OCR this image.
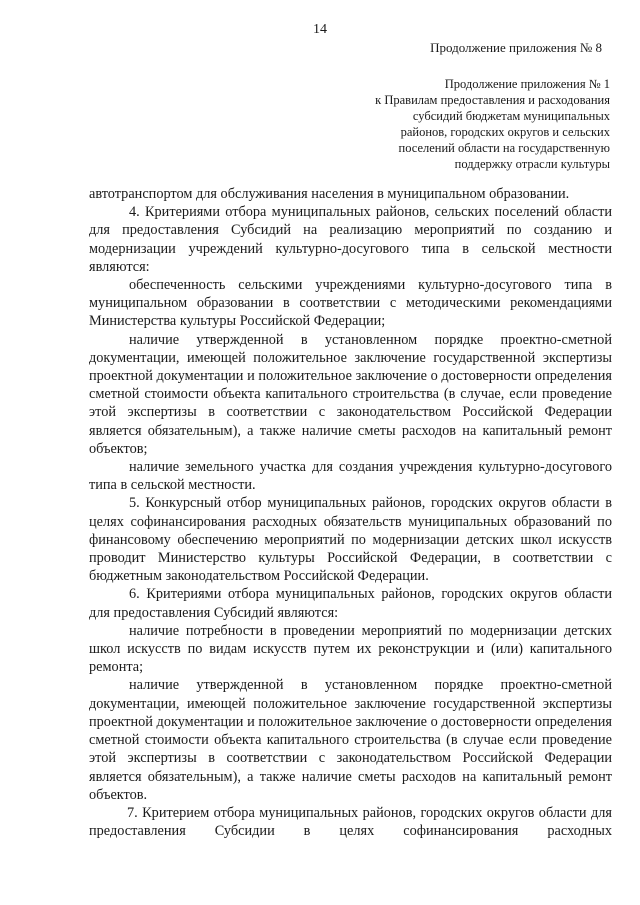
14
Продолжение приложения № 8
Продолжение приложения № 1
к Правилам предоставления и расходования
субсидий бюджетам муниципальных
районов, городских округов и сельских
поселений области на государственную
поддержку отрасли культуры

автотранспортом для обслуживания населения в муниципальном образовании.

4. Критериями отбора муниципальных районов, сельских поселений области для предоставления Субсидий на реализацию мероприятий по созданию и модернизации учреждений культурно-досугового типа в сельской местности являются:

обеспеченность сельскими учреждениями культурно-досугового типа в муниципальном образовании в соответствии с методическими рекомендациями Министерства культуры Российской Федерации;

наличие утвержденной в установленном порядке проектно-сметной документации, имеющей положительное заключение государственной экспертизы проектной документации и положительное заключение о достоверности определения сметной стоимости объекта капитального строительства (в случае, если проведение этой экспертизы в соответствии с законодательством Российской Федерации является обязательным), а также наличие сметы расходов на капитальный ремонт объектов;

наличие земельного участка для создания учреждения культурно-досугового типа в сельской местности.

5. Конкурсный отбор муниципальных районов, городских округов области в целях софинансирования расходных обязательств муниципальных образований по финансовому обеспечению мероприятий по модернизации детских школ искусств проводит Министерство культуры Российской Федерации, в соответствии с бюджетным законодательством Российской Федерации.

6. Критериями отбора муниципальных районов, городских округов области для предоставления Субсидий являются:

наличие потребности в проведении мероприятий по модернизации детских школ искусств по видам искусств путем их реконструкции и (или) капитального ремонта;

наличие утвержденной в установленном порядке проектно-сметной документации, имеющей положительное заключение государственной экспертизы проектной документации и положительное заключение о достоверности определения сметной стоимости объекта капитального строительства (в случае если проведение этой экспертизы в соответствии с законодательством Российской Федерации является обязательным), а также наличие сметы расходов на капитальный ремонт объектов.

7. Критерием отбора муниципальных районов, городских округов области для предоставления Субсидии в целях софинансирования расходных
